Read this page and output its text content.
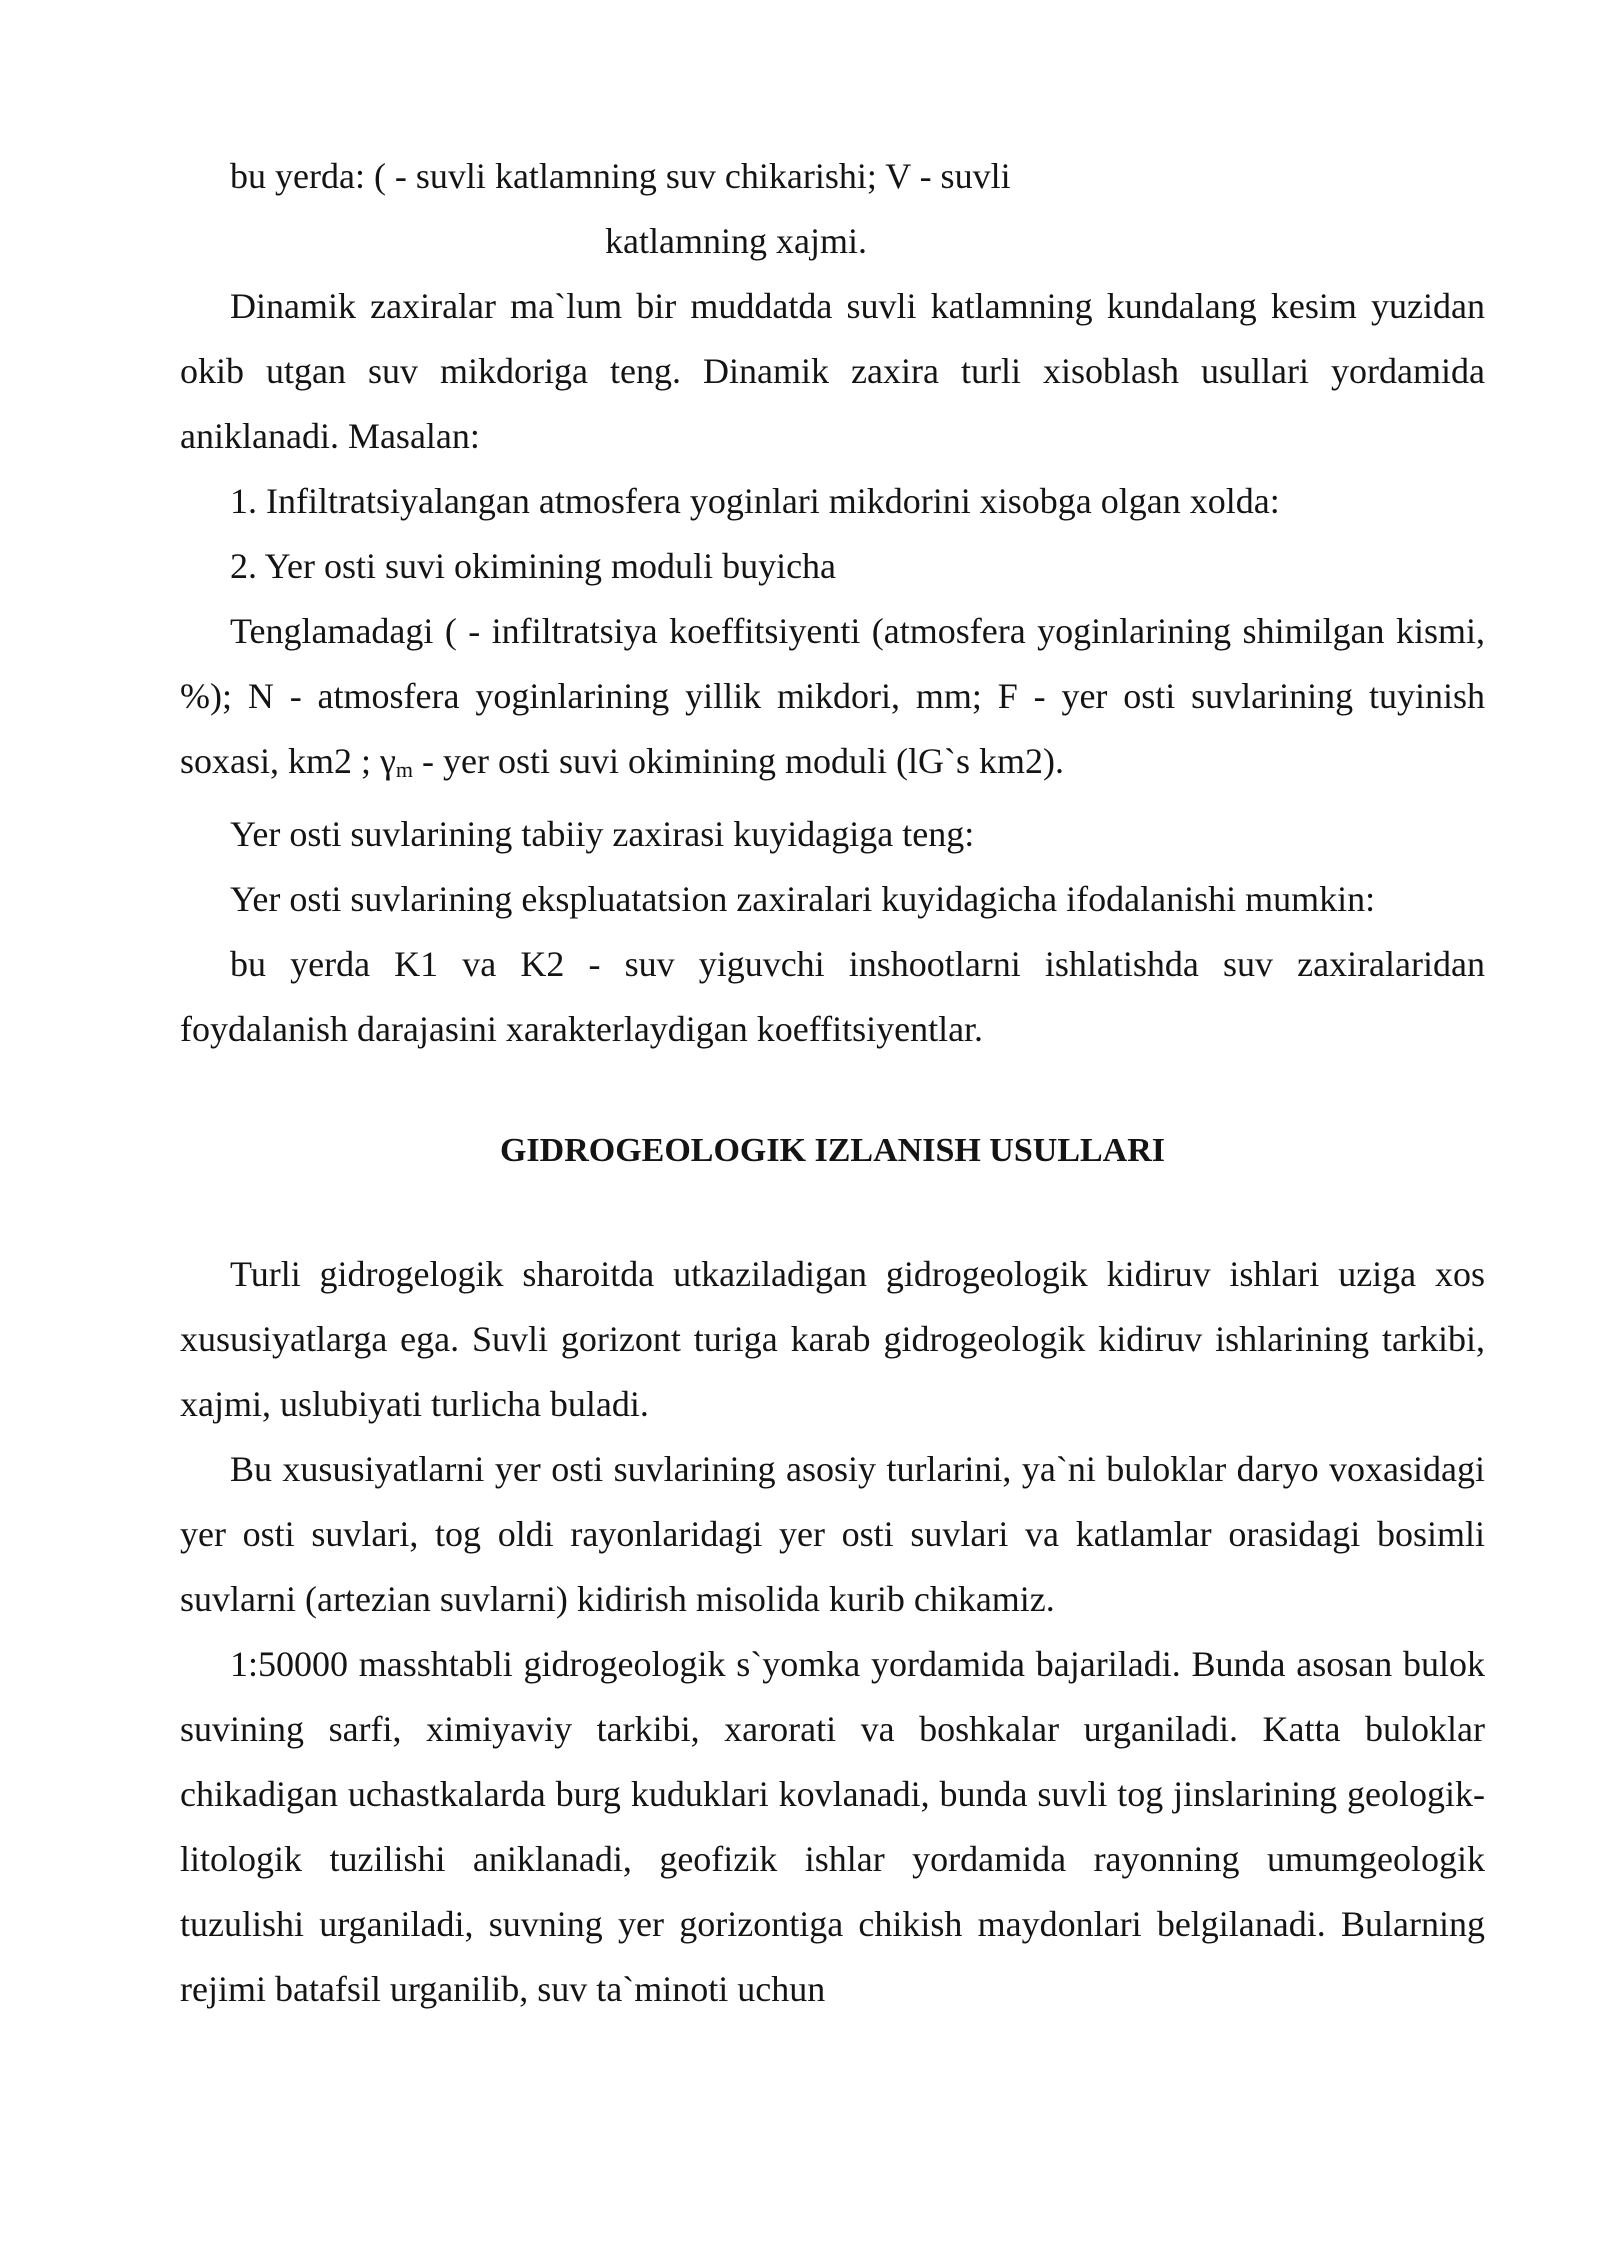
bu yerda: ( - suvli katlamning suv chikarishi; V - suvli

katlamning xajmi.

Dinamik zaxiralar ma`lum bir muddatda suvli katlamning kundalang kesim yuzidan okib utgan suv mikdoriga teng. Dinamik zaxira turli xisoblash usullari yordamida aniklanadi. Masalan:

1. Infiltratsiyalangan atmosfera yoginlari mikdorini xisobga olgan xolda:

2. Yer osti suvi okimining moduli buyicha

Tenglamadagi ( - infiltratsiya koeffitsiyenti (atmosfera yoginlarining shimilgan kismi, %); N - atmosfera yoginlarining yillik mikdori, mm; F - yer osti suvlarining tuyinish soxasi, km2 ; γm - yer osti suvi okimining moduli (lG`s km2).

Yer osti suvlarining tabiiy zaxirasi kuyidagiga teng:

Yer osti suvlarining ekspluatatsion zaxiralari kuyidagicha ifodalanishi mumkin:

bu yerda K1 va K2 - suv yiguvchi inshootlarni ishlatishda suv zaxiralaridan foydalanish darajasini xarakterlaydigan koeffitsiyentlar.

GIDROGEOLOGIK IZLANISH USULLARI

Turli gidrogelogik sharoitda utkaziladigan gidrogeologik kidiruv ishlari uziga xos xususiyatlarga ega. Suvli gorizont turiga karab gidrogeologik kidiruv ishlarining tarkibi, xajmi, uslubiyati turlicha buladi.

Bu xususiyatlarni yer osti suvlarining asosiy turlarini, ya`ni buloklar daryo voxasidagi yer osti suvlari, tog oldi rayonlaridagi yer osti suvlari va katlamlar orasidagi bosimli suvlarni (artezian suvlarni) kidirish misolida kurib chikamiz.

1:50000 masshtabli gidrogeologik s`yomka yordamida bajariladi. Bunda asosan bulok suvining sarfi, ximiyaviy tarkibi, xarorati va boshkalar urganiladi. Katta buloklar chikadigan uchastkalarda burg kuduklari kovlanadi, bunda suvli tog jinslarining geologik-litologik tuzilishi aniklanadi, geofizik ishlar yordamida rayonning umumgeologik tuzulishi urganiladi, suvning yer gorizontiga chikish maydonlari belgilanadi. Bularning rejimi batafsil urganilib, suv ta`minoti uchun
